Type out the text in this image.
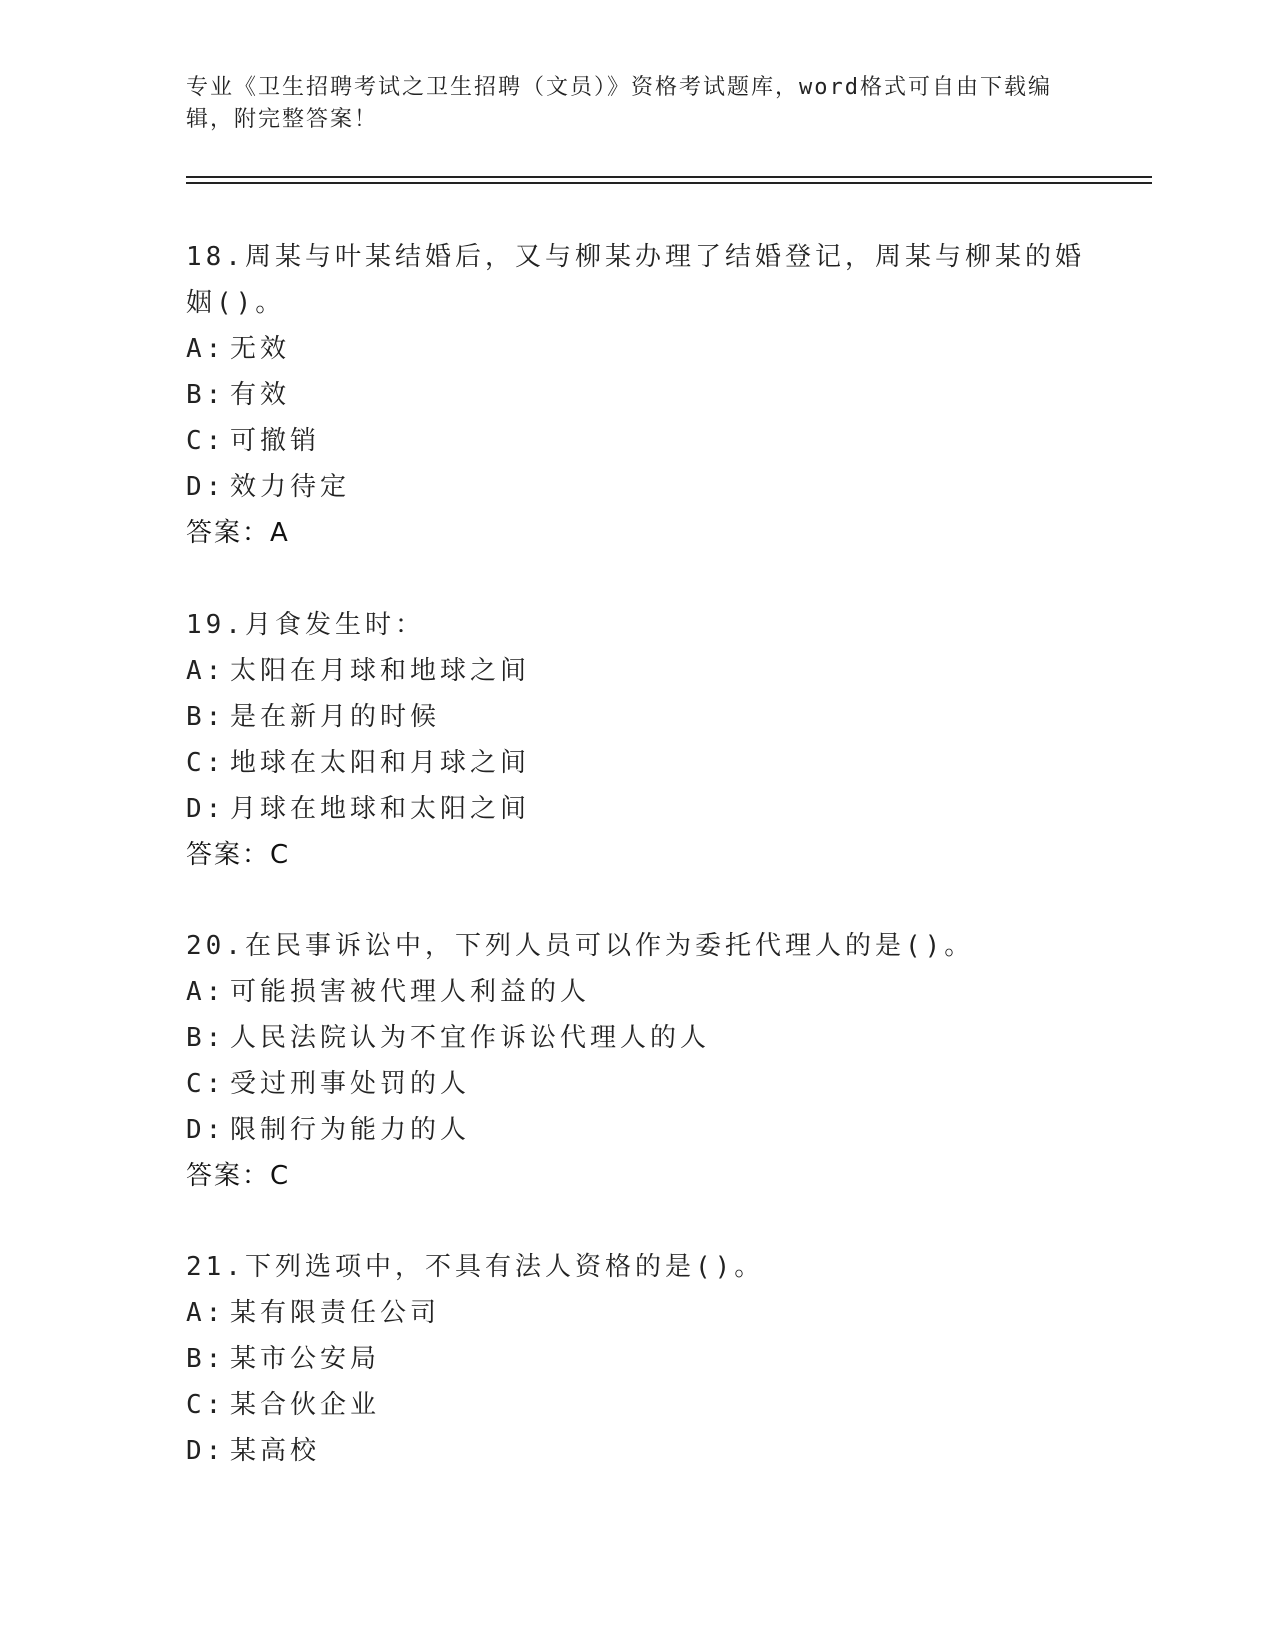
专业《卫生招聘考试之卫生招聘（文员）》资格考试题库，word格式可自由下载编辑，附完整答案！
18.周某与叶某结婚后，又与柳某办理了结婚登记，周某与柳某的婚姻()。
A: 无效
B: 有效
C: 可撤销
D: 效力待定
答案：A
19.月食发生时：
A: 太阳在月球和地球之间
B: 是在新月的时候
C: 地球在太阳和月球之间
D: 月球在地球和太阳之间
答案：C
20.在民事诉讼中，下列人员可以作为委托代理人的是()。
A: 可能损害被代理人利益的人
B: 人民法院认为不宜作诉讼代理人的人
C: 受过刑事处罚的人
D: 限制行为能力的人
答案：C
21.下列选项中，不具有法人资格的是()。
A: 某有限责任公司
B: 某市公安局
C: 某合伙企业
D: 某高校
